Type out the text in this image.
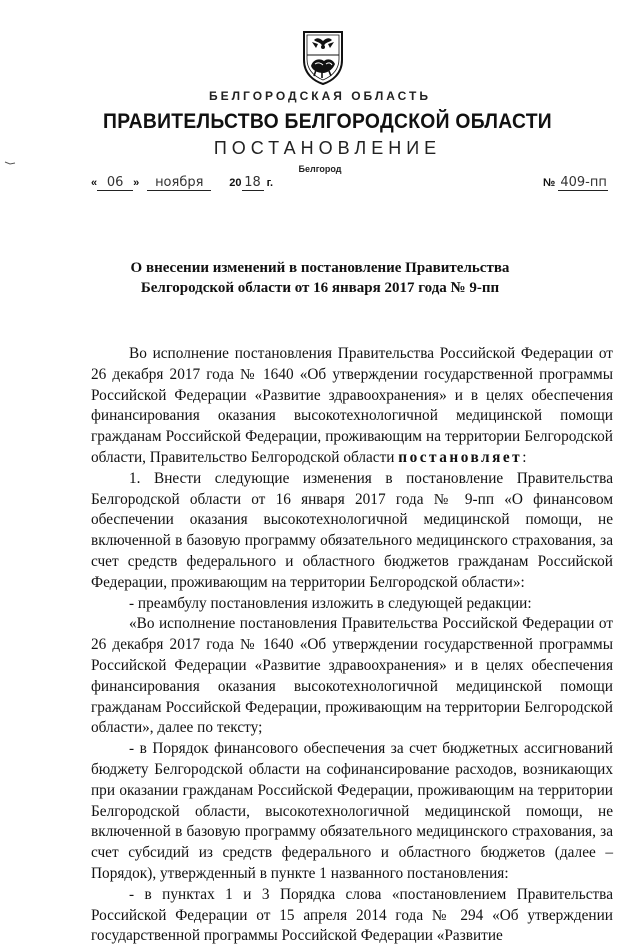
БЕЛГОРОДСКАЯ ОБЛАСТЬ
ПРАВИТЕЛЬСТВО БЕЛГОРОДСКОЙ ОБЛАСТИ
ПОСТАНОВЛЕНИЕ
Белгород
« 06 » ноября 20 18 г.	№ 409-пп
О внесении изменений в постановление Правительства
Белгородской области от 16 января 2017 года № 9-пп

Во исполнение постановления Правительства Российской Федерации от 26 декабря 2017 года № 1640 «Об утверждении государственной программы Российской Федерации «Развитие здравоохранения» и в целях обеспечения финансирования оказания высокотехнологичной медицинской помощи гражданам Российской Федерации, проживающим на территории Белгородской области, Правительство Белгородской области постановляет:

1. Внести следующие изменения в постановление Правительства Белгородской области от 16 января 2017 года № 9-пп «О финансовом обеспечении оказания высокотехнологичной медицинской помощи, не включенной в базовую программу обязательного медицинского страхования, за счет средств федерального и областного бюджетов гражданам Российской Федерации, проживающим на территории Белгородской области»:

- преамбулу постановления изложить в следующей редакции:

«Во исполнение постановления Правительства Российской Федерации от 26 декабря 2017 года № 1640 «Об утверждении государственной программы Российской Федерации «Развитие здравоохранения» и в целях обеспечения финансирования оказания высокотехнологичной медицинской помощи гражданам Российской Федерации, проживающим на территории Белгородской области», далее по тексту;

- в Порядок финансового обеспечения за счет бюджетных ассигнований бюджету Белгородской области на софинансирование расходов, возникающих при оказании гражданам Российской Федерации, проживающим на территории Белгородской области, высокотехнологичной медицинской помощи, не включенной в базовую программу обязательного медицинского страхования, за счет субсидий из средств федерального и областного бюджетов (далее – Порядок), утвержденный в пункте 1 названного постановления:

- в пунктах 1 и 3 Порядка слова «постановлением Правительства Российской Федерации от 15 апреля 2014 года № 294 «Об утверждении государственной программы Российской Федерации «Развитие
